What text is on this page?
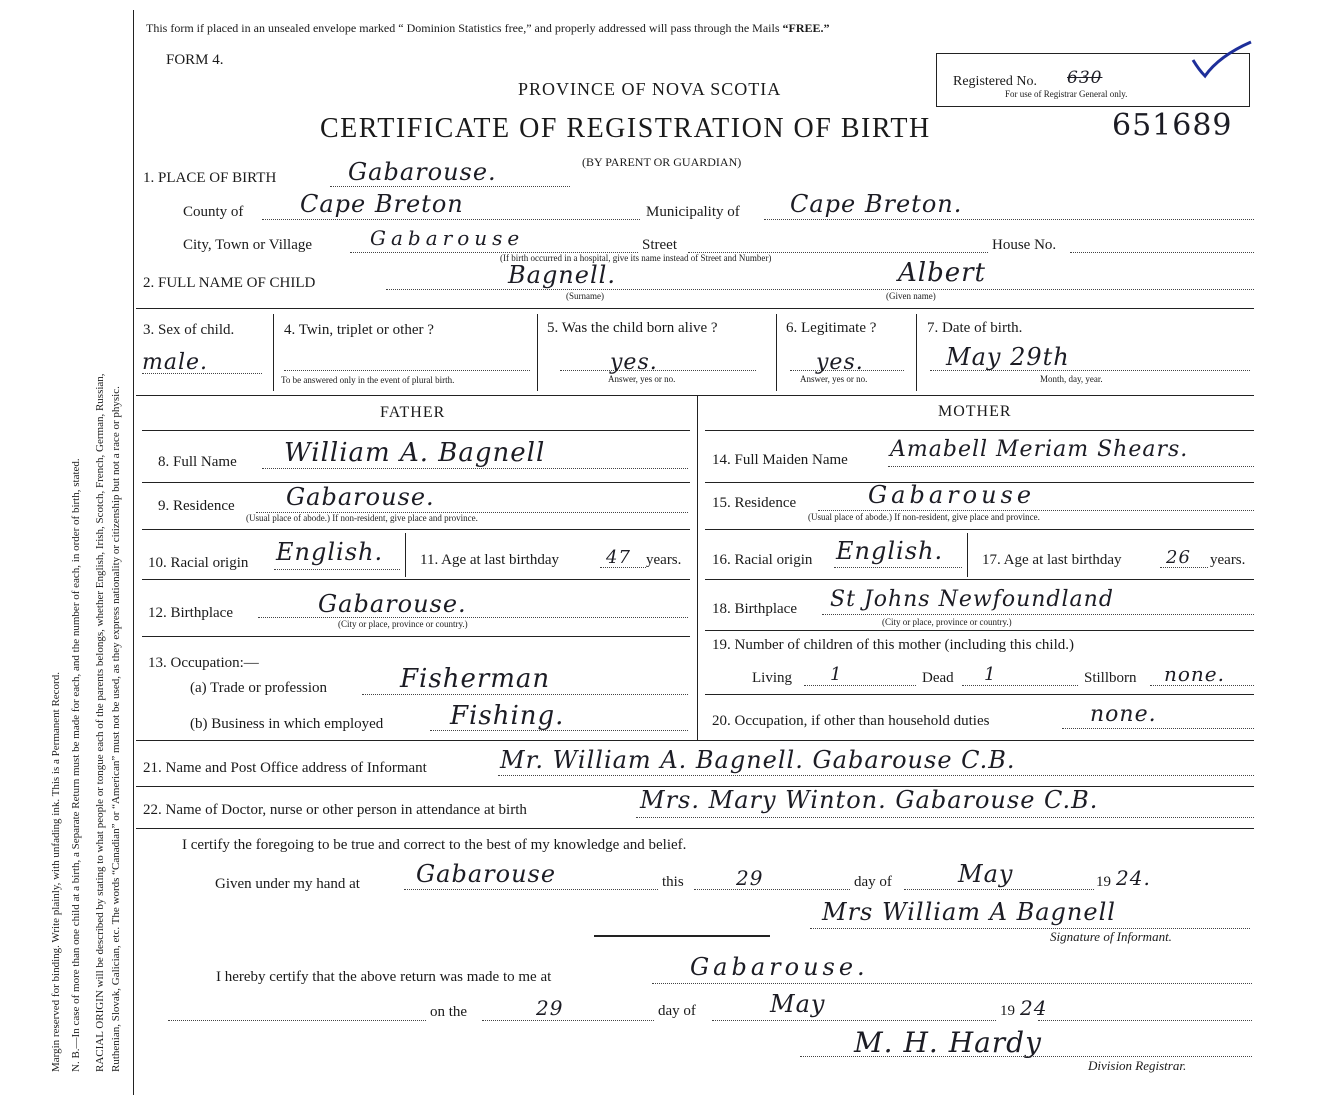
Margin reserved for binding. Write plainly, with unfading ink. This is a Permanent Record. N. B.—In case of more than one child at a birth, a Separate Return must be made for each, and the number of each, in order of birth, stated. RACIAL ORIGIN will be described by stating to what people or tongue each of the parents belongs, whether English, Irish, Scotch, French, German, Russian, Ruthenian, Slovak, Galician, etc. The words “Canadian” or “American” must not be used, as they express nationality or citizenship but not a race or physic.
This form if placed in an unsealed envelope marked “ Dominion Statistics free,” and properly addressed will pass through the Mails “FREE.”
FORM 4.
PROVINCE OF NOVA SCOTIA
CERTIFICATE OF REGISTRATION OF BIRTH
(BY PARENT OR GUARDIAN)
Registered No. 630
For use of Registrar General only.
651689
1. PLACE OF BIRTH	Gabarouse.
County of Cape Breton	Municipality of Cape Breton.
City, Town or Village	Gabarouse	Street	House No.
(If birth occurred in a hospital, give its name instead of Street and Number)
2. FULL NAME OF CHILD	Bagnell.
(Surname)
Albert
(Given name)
3. Sex of child.
male.
4. Twin, triplet or other ?
To be answered only in the event of plural birth.
5. Was the child born alive ?
yes.
Answer, yes or no.
6. Legitimate ?
yes.
Answer, yes or no.
7. Date of birth.
May 29th
Month, day, year.
FATHER	MOTHER
8. Full Name William A. Bagnell
9. Residence Gabarouse.
(Usual place of abode.) If non-resident, give place and province.
10. Racial origin English. 11. Age at last birthday	47 years.
12. Birthplace	Gabarouse.
(City or place, province or country.)
13. Occupation:—
(a) Trade or profession	Fisherman
(b) Business in which employed	Fishing.
14. Full Maiden Name Amabell Meriam Shears.
15. Residence	Gabarouse
(Usual place of abode.) If non-resident, give place and province.
16. Racial origin English.	17. Age at last birthday 26 years.
18. Birthplace St Johns Newfoundland
(City or place, province or country.)
19. Number of children of this mother (including this child.)
Living 1	Dead 1	Stillborn none.
20. Occupation, if other than household duties	none.
21. Name and Post Office address of Informant	Mr. William A. Bagnell. Gabarouse C.B.
22. Name of Doctor, nurse or other person in attendance at birth	Mrs. Mary Winton. Gabarouse C.B.
I certify the foregoing to be true and correct to the best of my knowledge and belief.
Given under my hand at Gabarouse	this	29	day of	May	19 24.
Mrs William A Bagnell
Signature of Informant.
I hereby certify that the above return was made to me at	Gabarouse.
on the	29	day of	May	19 24
M. H. Hardy
Division Registrar.
